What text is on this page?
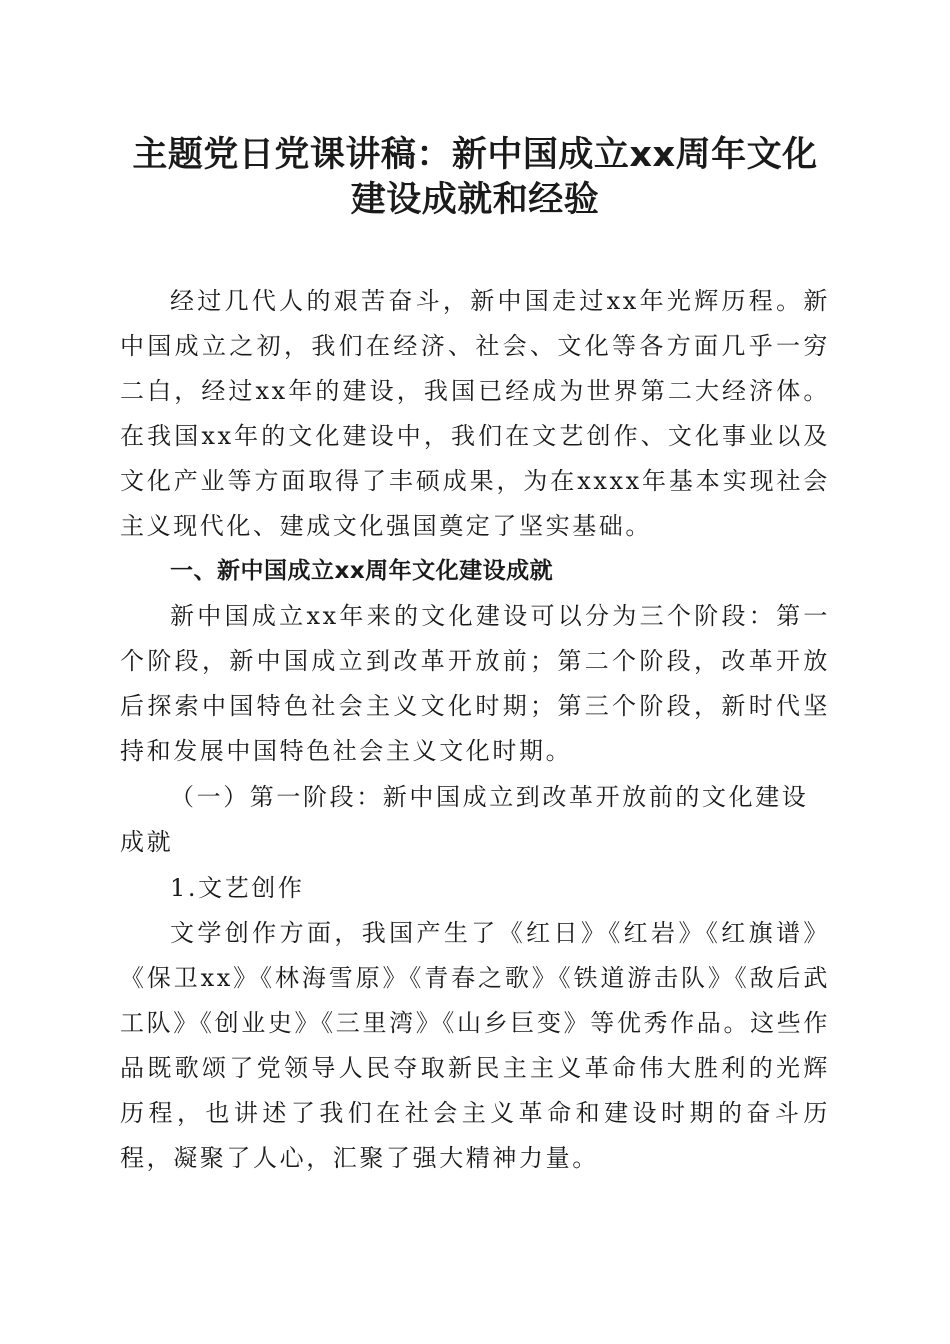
主题党日党课讲稿：新中国成立xx周年文化
建设成就和经验

经过几代人的艰苦奋斗，新中国走过xx年光辉历程。新中国成立之初，我们在经济、社会、文化等各方面几乎一穷二白，经过xx年的建设，我国已经成为世界第二大经济体。在我国xx年的文化建设中，我们在文艺创作、文化事业以及文化产业等方面取得了丰硕成果，为在xxxx年基本实现社会主义现代化、建成文化强国奠定了坚实基础。

一、新中国成立xx周年文化建设成就

新中国成立xx年来的文化建设可以分为三个阶段：第一个阶段，新中国成立到改革开放前；第二个阶段，改革开放后探索中国特色社会主义文化时期；第三个阶段，新时代坚持和发展中国特色社会主义文化时期。

（一）第一阶段：新中国成立到改革开放前的文化建设成就

1.文艺创作

文学创作方面，我国产生了《红日》《红岩》《红旗谱》《保卫xx》《林海雪原》《青春之歌》《铁道游击队》《敌后武工队》《创业史》《三里湾》《山乡巨变》等优秀作品。这些作品既歌颂了党领导人民夺取新民主主义革命伟大胜利的光辉历程，也讲述了我们在社会主义革命和建设时期的奋斗历程，凝聚了人心，汇聚了强大精神力量。
